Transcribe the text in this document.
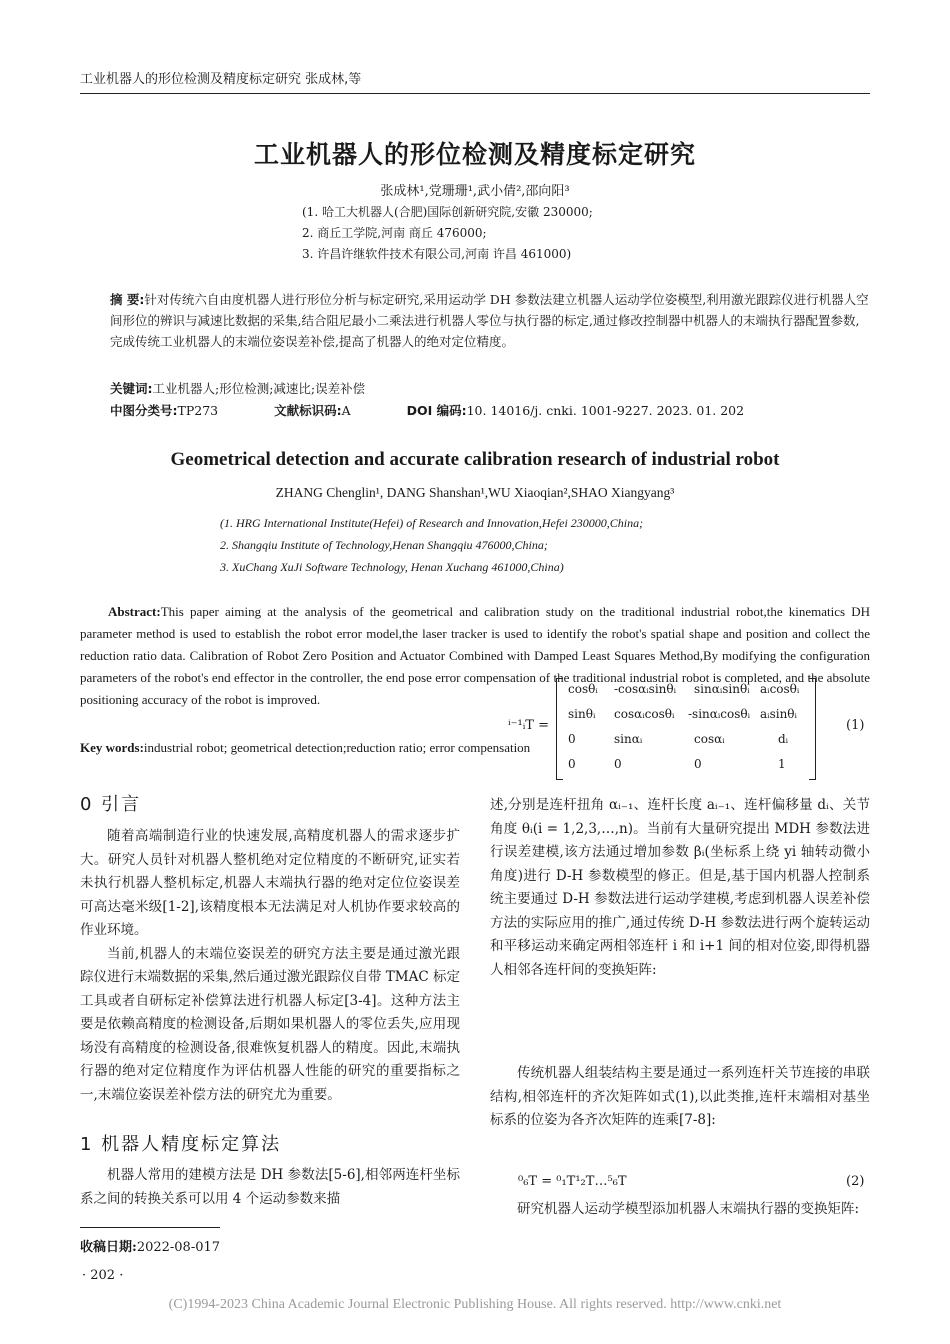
工业机器人的形位检测及精度标定研究 张成林,等
工业机器人的形位检测及精度标定研究
张成林¹,党珊珊¹,武小倩²,邵向阳³
(1. 哈工大机器人(合肥)国际创新研究院,安徽 230000;
2. 商丘工学院,河南 商丘 476000;
3. 许昌许继软件技术有限公司,河南 许昌 461000)
摘 要:针对传统六自由度机器人进行形位分析与标定研究,采用运动学 DH 参数法建立机器人运动学位姿模型,利用激光跟踪仪进行机器人空间形位的辨识与减速比数据的采集,结合阻尼最小二乘法进行机器人零位与执行器的标定,通过修改控制器中机器人的末端执行器配置参数,完成传统工业机器人的末端位姿误差补偿,提高了机器人的绝对定位精度。
关键词:工业机器人;形位检测;减速比;误差补偿
中图分类号:TP273	文献标识码:A	DOI 编码:10. 14016/j. cnki. 1001-9227. 2023. 01. 202
Geometrical detection and accurate calibration research of industrial robot
ZHANG Chenglin¹, DANG Shanshan¹,WU Xiaoqian²,SHAO Xiangyang³
(1. HRG International Institute(Hefei) of Research and Innovation,Hefei 230000,China;
2. Shangqiu Institute of Technology,Henan Shangqiu 476000,China;
3. XuChang XuJi Software Technology, Henan Xuchang 461000,China)
Abstract:This paper aiming at the analysis of the geometrical and calibration study on the traditional industrial robot,the kinematics DH parameter method is used to establish the robot error model,the laser tracker is used to identify the robot's spatial shape and position and collect the reduction ratio data. Calibration of Robot Zero Position and Actuator Combined with Damped Least Squares Method,By modifying the configuration parameters of the robot's end effector in the controller, the end pose error compensation of the traditional industrial robot is completed, and the absolute positioning accuracy of the robot is improved.
Key words:industrial robot; geometrical detection;reduction ratio; error compensation
0 引言

随着高端制造行业的快速发展,高精度机器人的需求逐步扩大。研究人员针对机器人整机绝对定位精度的不断研究,证实若未执行机器人整机标定,机器人末端执行器的绝对定位位姿误差可高达毫米级[1-2],该精度根本无法满足对人机协作要求较高的作业环境。

当前,机器人的末端位姿误差的研究方法主要是通过激光跟踪仪进行末端数据的采集,然后通过激光跟踪仪自带 TMAC 标定工具或者自研标定补偿算法进行机器人标定[3-4]。这种方法主要是依赖高精度的检测设备,后期如果机器人的零位丢失,应用现场没有高精度的检测设备,很难恢复机器人的精度。因此,末端执行器的绝对定位精度作为评估机器人性能的研究的重要指标之一,末端位姿误差补偿方法的研究尤为重要。

1 机器人精度标定算法

机器人常用的建模方法是 DH 参数法[5-6],相邻两连杆坐标系之间的转换关系可以用 4 个运动参数来描

述,分别是连杆扭角 αᵢ₋₁、连杆长度 aᵢ₋₁、连杆偏移量 dᵢ、关节角度 θᵢ(i = 1,2,3,…,n)。当前有大量研究提出 MDH 参数法进行误差建模,该方法通过增加参数 βᵢ(坐标系上绕 yi 轴转动微小角度)进行 D-H 参数模型的修正。但是,基于国内机器人控制系统主要通过 D-H 参数法进行运动学建模,考虑到机器人误差补偿方法的实际应用的推广,通过传统 D-H 参数法进行两个旋转运动和平移运动来确定两相邻连杆 i 和 i+1 间的相对位姿,即得机器人相邻各连杆间的变换矩阵:

ⁱ⁻¹ᵢT =
cosθᵢ -cosαᵢsinθᵢ sinαᵢsinθᵢ aᵢcosθᵢ
sinθᵢ cosαᵢcosθᵢ -sinαᵢcosθᵢ aᵢsinθᵢ
0	sinαᵢ	cosαᵢ	dᵢ
0	0	0	1
(1)

传统机器人组装结构主要是通过一系列连杆关节连接的串联结构,相邻连杆的齐次矩阵如式(1),以此类推,连杆末端相对基坐标系的位姿为各齐次矩阵的连乘[7-8]:

⁰₆T = ⁰₁T¹₂T…⁵₆T	(2)

研究机器人运动学模型添加机器人末端执行器的变换矩阵:

收稿日期:2022-08-017
· 202 ·
(C)1994-2023 China Academic Journal Electronic Publishing House. All rights reserved. http://www.cnki.net
